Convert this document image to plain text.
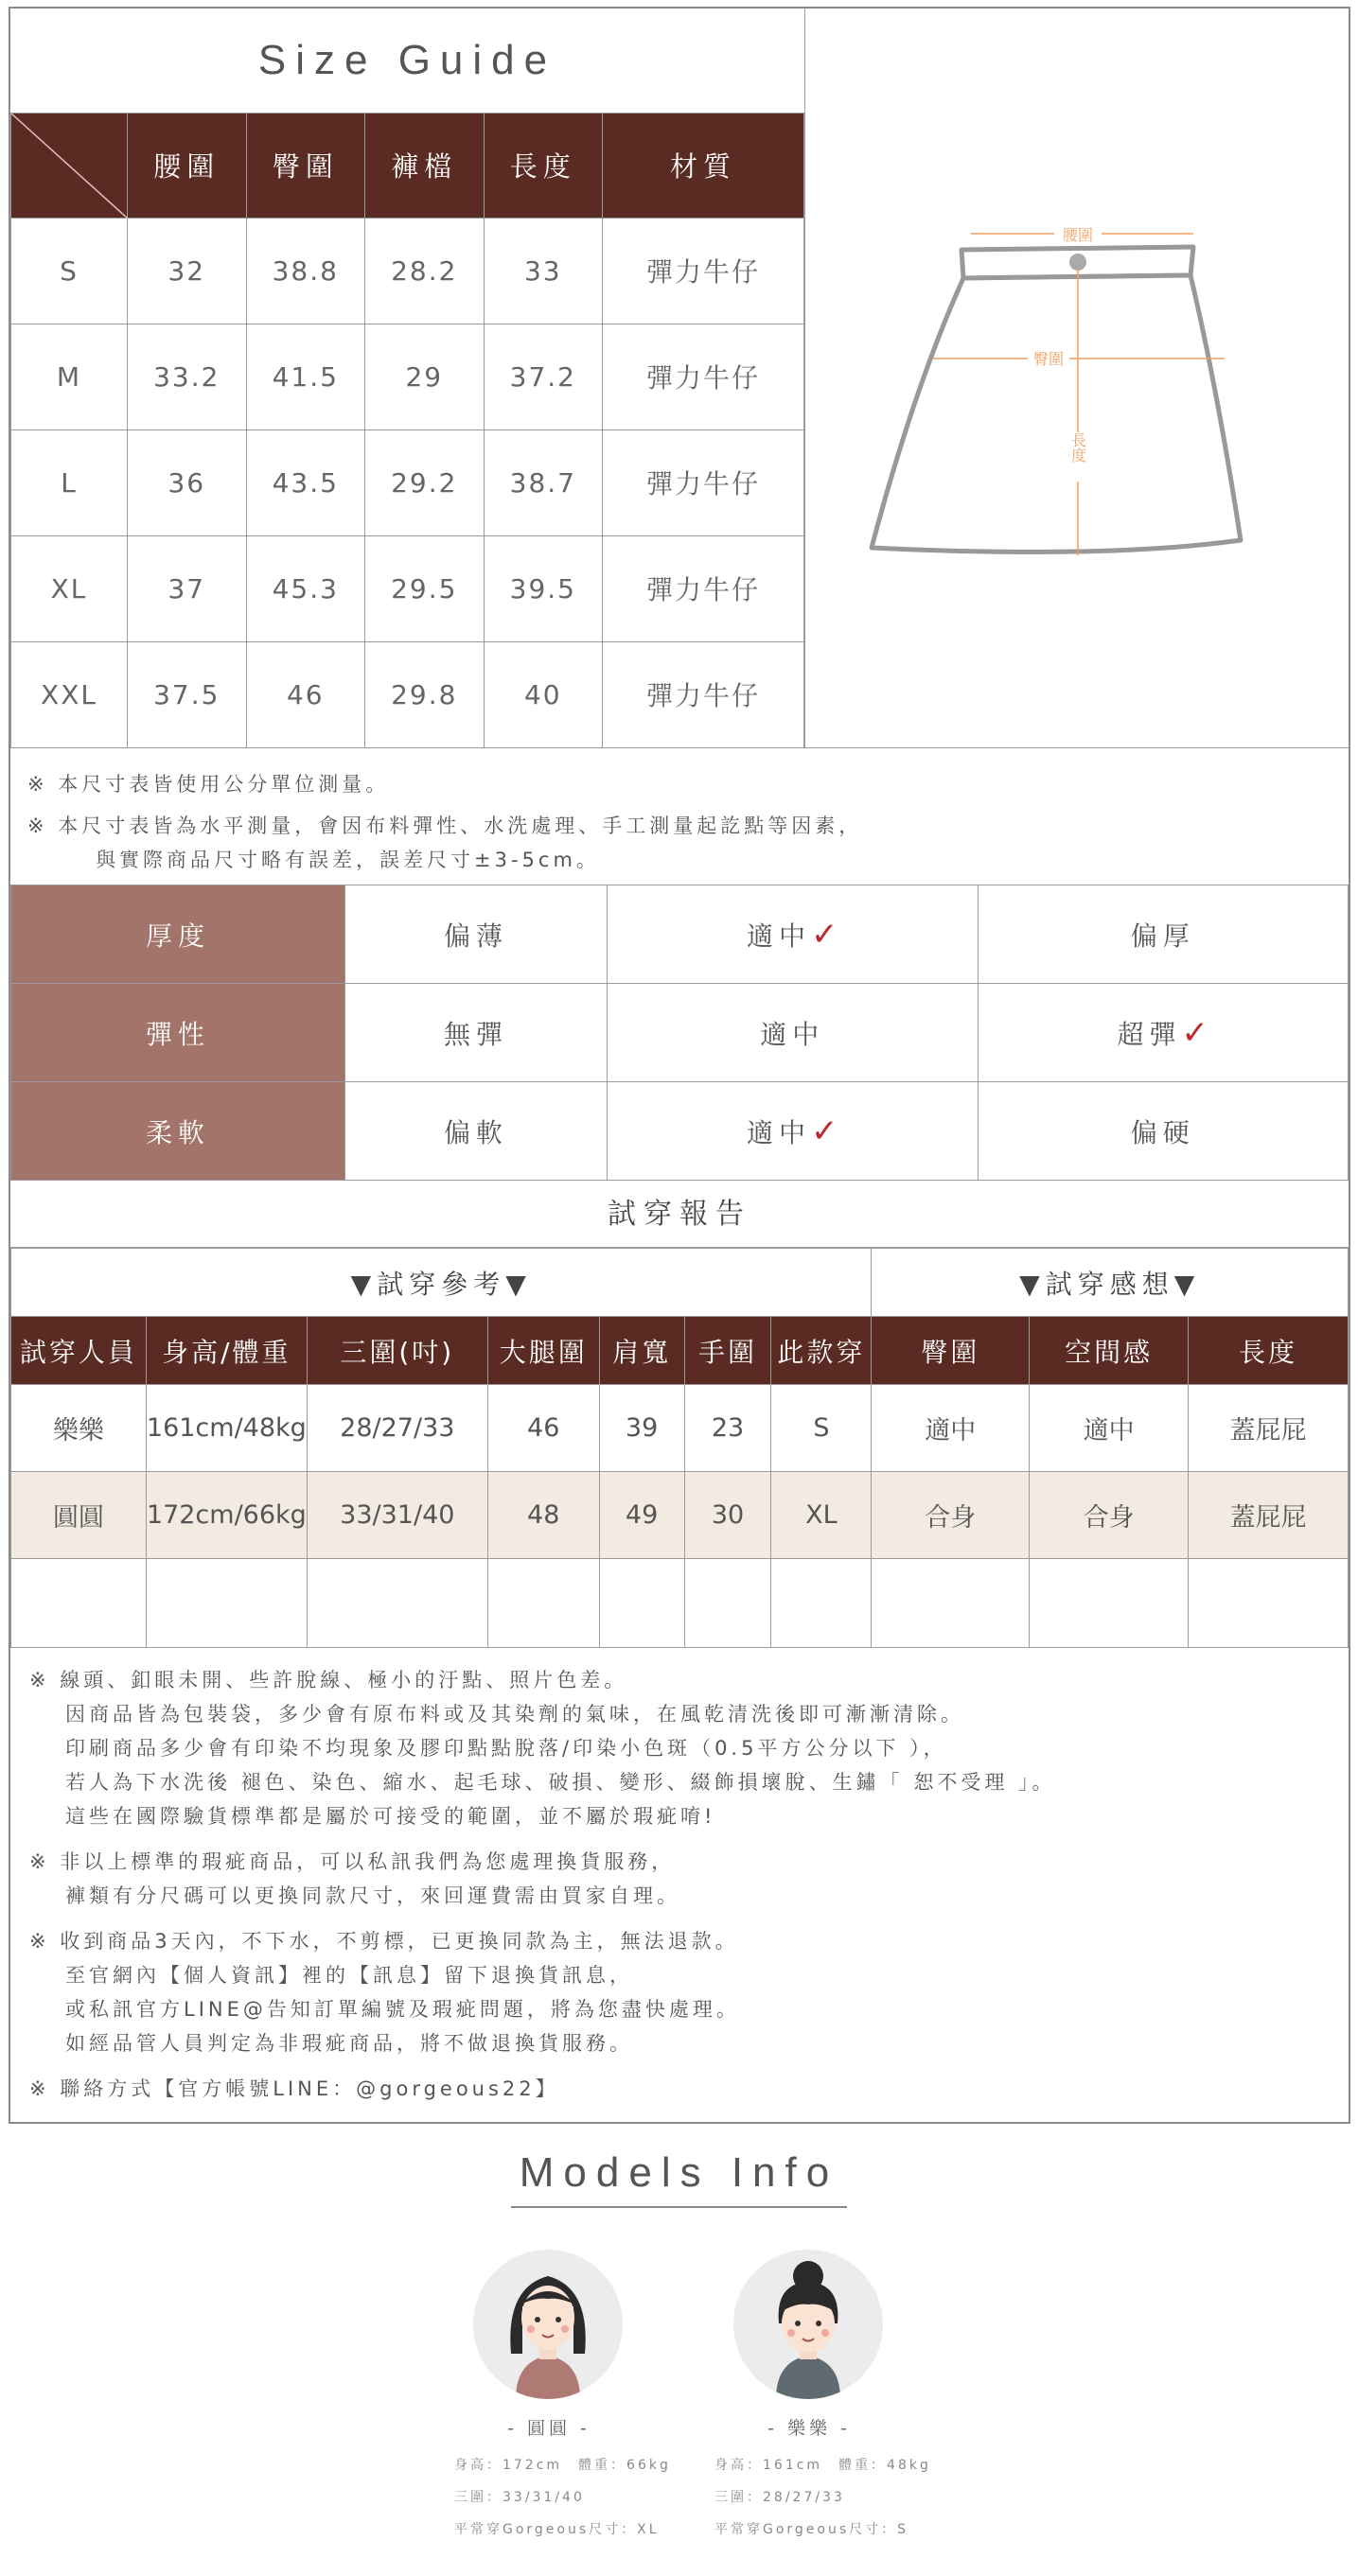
Size Guide					

	腰圍	臀圍	褲檔	長度	材質
S	32	38.8	28.2	33	彈力牛仔
M	33.2	41.5	29	37.2	彈力牛仔
L	36	43.5	29.2	38.7	彈力牛仔
XL	37	45.3	29.5	39.5	彈力牛仔
XXL	37.5	46	29.8	40	彈力牛仔
腰圍
臀圍
長度
※ 本尺寸表皆使用公分單位測量。
※ 本尺寸表皆為水平測量，會因布料彈性、水洗處理、手工測量起訖點等因素，
與實際商品尺寸略有誤差，誤差尺寸±3-5cm。
厚度	偏薄	適中✓	偏厚
彈性	無彈	適中	超彈✓
柔軟	偏軟	適中✓	偏硬
試穿報告
▼試穿參考▼							▼試穿感想▼		
試穿人員	身高/體重	三圍(吋)	大腿圍	肩寬	手圍	此款穿	臀圍	空間感	長度
樂樂	161cm/48kg	28/27/33	46	39	23	S	適中	適中	蓋屁屁
圓圓	172cm/66kg	33/31/40	48	49	30	XL	合身	合身	蓋屁屁

※ 線頭、釦眼未開、些許脫線、極小的汙點、照片色差。
因商品皆為包裝袋，多少會有原布料或及其染劑的氣味，在風乾清洗後即可漸漸清除。
印刷商品多少會有印染不均現象及膠印點點脫落/印染小色斑（0.5平方公分以下 ），
若人為下水洗後 褪色、染色、縮水、起毛球、破損、變形、綴飾損壞脫、生鏽「 恕不受理 」。
這些在國際驗貨標準都是屬於可接受的範圍，並不屬於瑕疵唷!
※ 非以上標準的瑕疵商品，可以私訊我們為您處理換貨服務，
褲類有分尺碼可以更換同款尺寸，來回運費需由買家自理。
※ 收到商品3天內，不下水，不剪標，已更換同款為主，無法退款。
至官網內【個人資訊】裡的【訊息】留下退換貨訊息，
或私訊官方LINE@告知訂單編號及瑕疵問題，將為您盡快處理。
如經品管人員判定為非瑕疵商品，將不做退換貨服務。
※ 聯絡方式【官方帳號LINE：@gorgeous22】
Models Info
- 圓圓 -
身高：172cm　體重：66kg
三圍：33/31/40
平常穿Gorgeous尺寸：XL
- 樂樂 -
身高：161cm　體重：48kg
三圍：28/27/33
平常穿Gorgeous尺寸：S
